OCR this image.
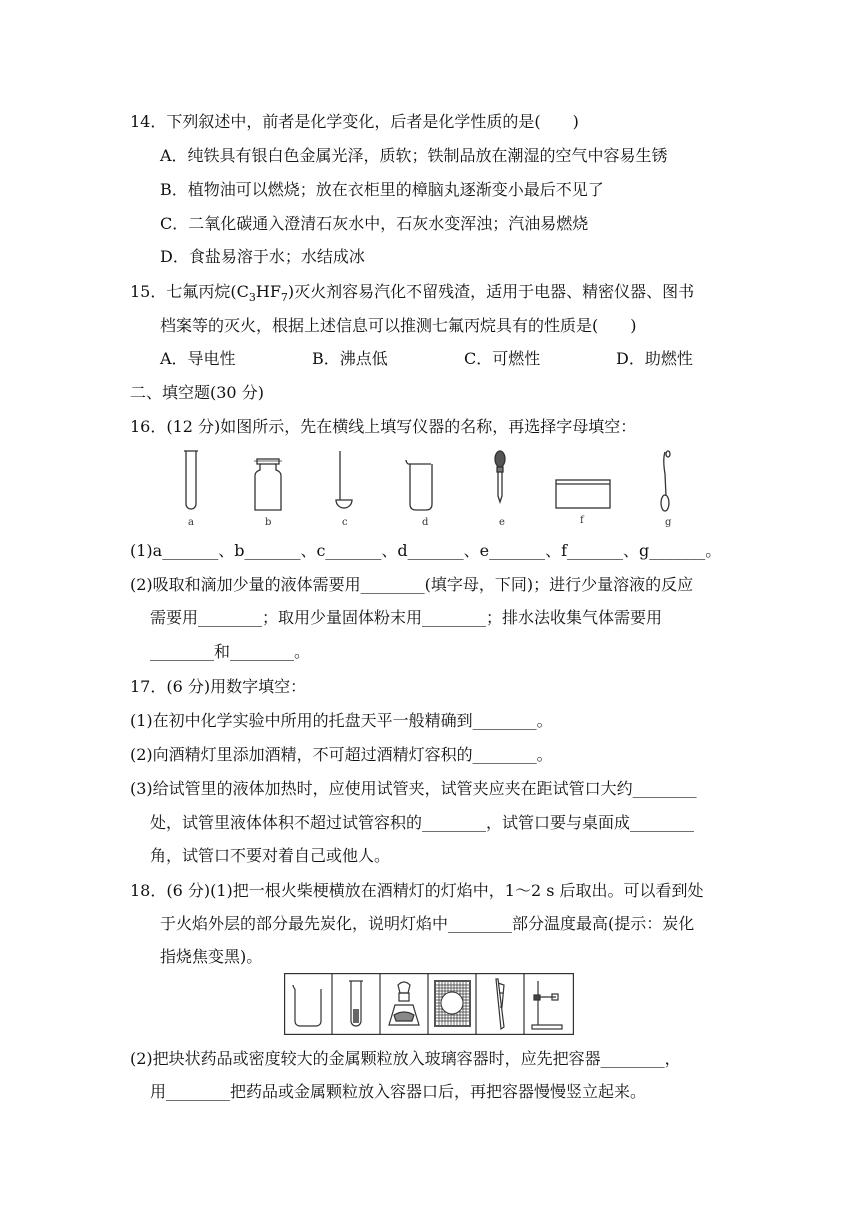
14．下列叙述中，前者是化学变化，后者是化学性质的是(　　)
A．纯铁具有银白色金属光泽，质软；铁制品放在潮湿的空气中容易生锈
B．植物油可以燃烧；放在衣柜里的樟脑丸逐渐变小最后不见了
C．二氧化碳通入澄清石灰水中，石灰水变浑浊；汽油易燃烧
D．食盐易溶于水；水结成冰
15．七氟丙烷$(C_3HF_7)$灭火剂容易汽化不留残渣，适用于电器、精密仪器、图书
档案等的灭火，根据上述信息可以推测七氟丙烷具有的性质是(　　)
A．导电性	B．沸点低	C．可燃性	D．助燃性
二、填空题(30 分)
16．(12 分)如图所示，先在横线上填写仪器的名称，再选择字母填空：
a	b	c	d	e	f	g
(1)a_______、b_______、c_______、d_______、e_______、f_______、g_______。
(2)吸取和滴加少量的液体需要用________(填字母，下同)；进行少量溶液的反应
需要用________；取用少量固体粉末用________；排水法收集气体需要用
________和________。
17．(6 分)用数字填空：
(1)在初中化学实验中所用的托盘天平一般精确到________。
(2)向酒精灯里添加酒精，不可超过酒精灯容积的________。
(3)给试管里的液体加热时，应使用试管夹，试管夹应夹在距试管口大约________
处，试管里液体体积不超过试管容积的________，试管口要与桌面成________
角，试管口不要对着自己或他人。
18．(6 分)(1)把一根火柴梗横放在酒精灯的灯焰中，1～2 s 后取出。可以看到处
于火焰外层的部分最先炭化，说明灯焰中________部分温度最高(提示：炭化
指烧焦变黑)。
(2)把块状药品或密度较大的金属颗粒放入玻璃容器时，应先把容器________，
用________把药品或金属颗粒放入容器口后，再把容器慢慢竖立起来。
